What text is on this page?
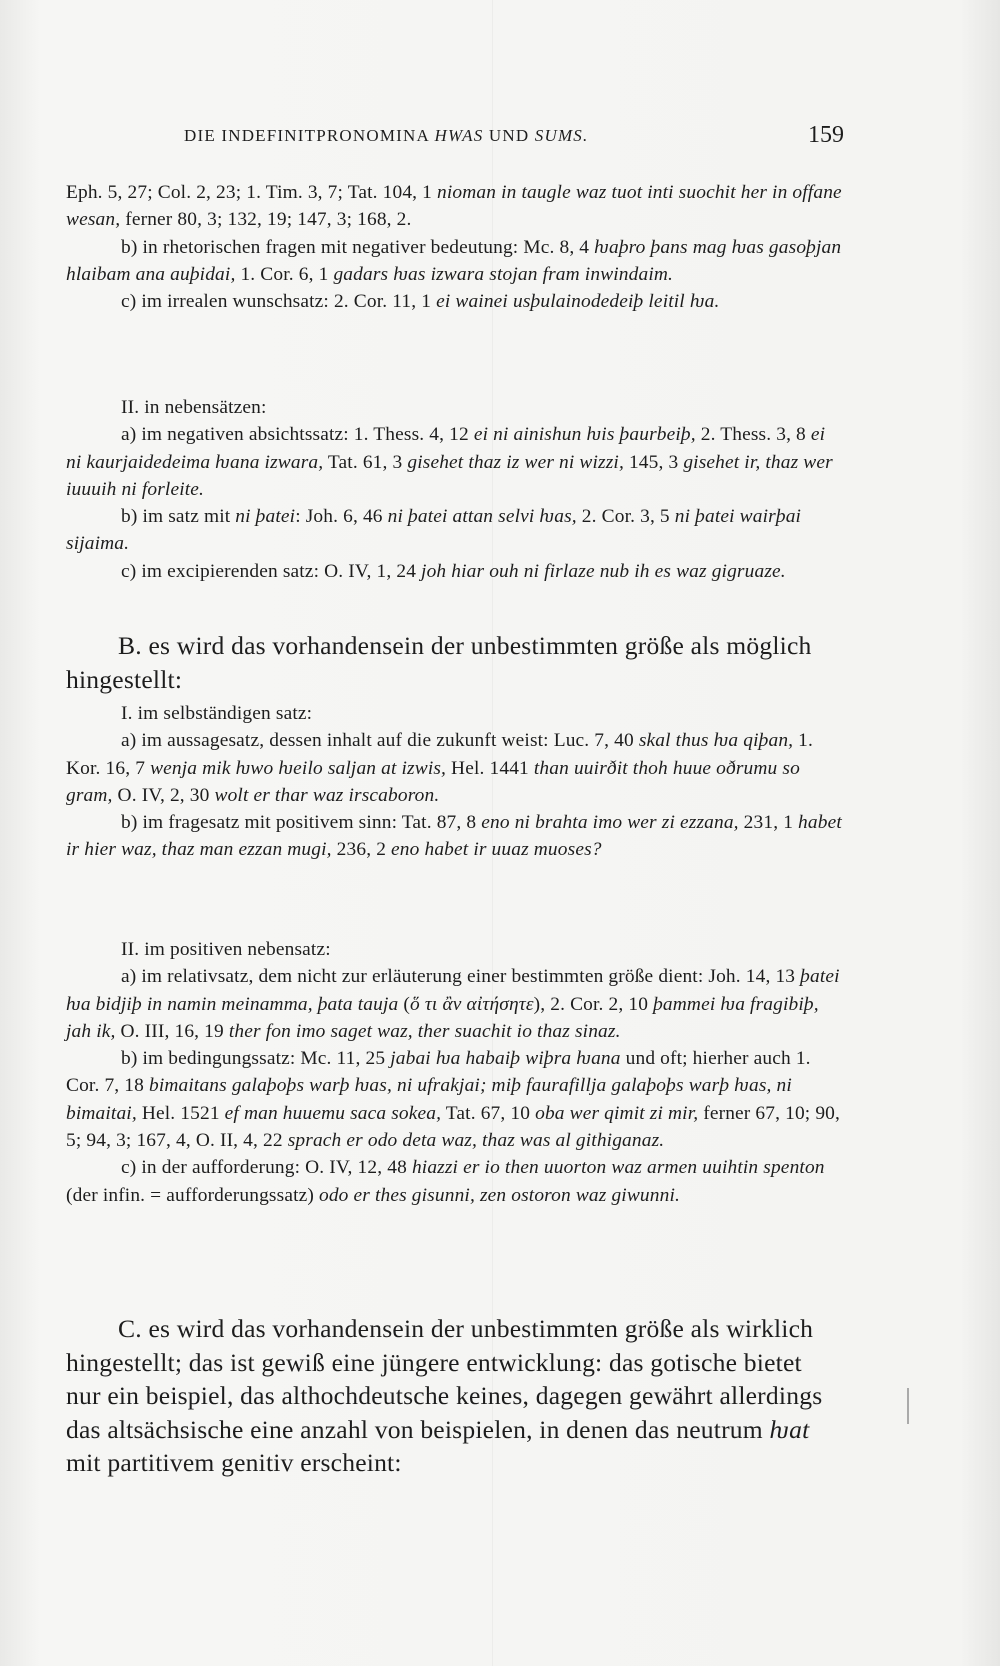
DIE INDEFINITPRONOMINA HWAS UND SUMS.	159

Eph. 5, 27; Col. 2, 23; 1. Tim. 3, 7; Tat. 104, 1 nioman in taugle waz tuot inti suochit her in offane wesan, ferner 80, 3; 132, 19; 147, 3; 168, 2.

b) in rhetorischen fragen mit negativer bedeutung: Mc. 8, 4 ƕaþro þans mag ƕas gasoþjan hlaibam ana auþidai, 1. Cor. 6, 1 gadars ƕas izwara stojan fram inwindaim.

c) im irrealen wunschsatz: 2. Cor. 11, 1 ei wainei usþulainodedeiþ leitil ƕa.

II. in nebensätzen:

a) im negativen absichtssatz: 1. Thess. 4, 12 ei ni ainishun ƕis þaurbeiþ, 2. Thess. 3, 8 ei ni kaurjaidedeima ƕana izwara, Tat. 61, 3 gisehet thaz iz wer ni wizzi, 145, 3 gisehet ir, thaz wer iuuuih ni forleite.

b) im satz mit ni þatei: Joh. 6, 46 ni þatei attan selvi ƕas, 2. Cor. 3, 5 ni þatei wairþai sijaima.

c) im excipierenden satz: O. IV, 1, 24 joh hiar ouh ni firlaze nub ih es waz gigruaze.

B. es wird das vorhandensein der unbestimmten größe als möglich hingestellt:

I. im selbständigen satz:

a) im aussagesatz, dessen inhalt auf die zukunft weist: Luc. 7, 40 skal thus ƕa qiþan, 1. Kor. 16, 7 wenja mik ƕwo ƕeilo saljan at izwis, Hel. 1441 than uuirðit thoh huue oðrumu so gram, O. IV, 2, 30 wolt er thar waz irscaboron.

b) im fragesatz mit positivem sinn: Tat. 87, 8 eno ni brahta imo wer zi ezzana, 231, 1 habet ir hier waz, thaz man ezzan mugi, 236, 2 eno habet ir uuaz muoses?

II. im positiven nebensatz:

a) im relativsatz, dem nicht zur erläuterung einer bestimmten größe dient: Joh. 14, 13 þatei ƕa bidjiþ in namin meinamma, þata tauja (ὅ τι ἂν αἰτήσητε), 2. Cor. 2, 10 þammei ƕa fragibiþ, jah ik, O. III, 16, 19 ther fon imo saget waz, ther suachit io thaz sinaz.

b) im bedingungssatz: Mc. 11, 25 jabai ƕa habaiþ wiþra ƕana und oft; hierher auch 1. Cor. 7, 18 bimaitans galaþoþs warþ ƕas, ni ufrakjai; miþ faurafillja galaþoþs warþ ƕas, ni bimaitai, Hel. 1521 ef man huuemu saca sokea, Tat. 67, 10 oba wer qimit zi mir, ferner 67, 10; 90, 5; 94, 3; 167, 4, O. II, 4, 22 sprach er odo deta waz, thaz was al githiganaz.

c) in der aufforderung: O. IV, 12, 48 hiazzi er io then uuorton waz armen uuihtin spenton (der infin. = aufforderungssatz) odo er thes gisunni, zen ostoron waz giwunni.

C. es wird das vorhandensein der unbestimmten größe als wirklich hingestellt; das ist gewiß eine jüngere entwicklung: das gotische bietet nur ein beispiel, das althochdeutsche keines, dagegen gewährt allerdings das altsächsische eine anzahl von beispielen, in denen das neutrum ƕat mit partitivem genitiv erscheint:
